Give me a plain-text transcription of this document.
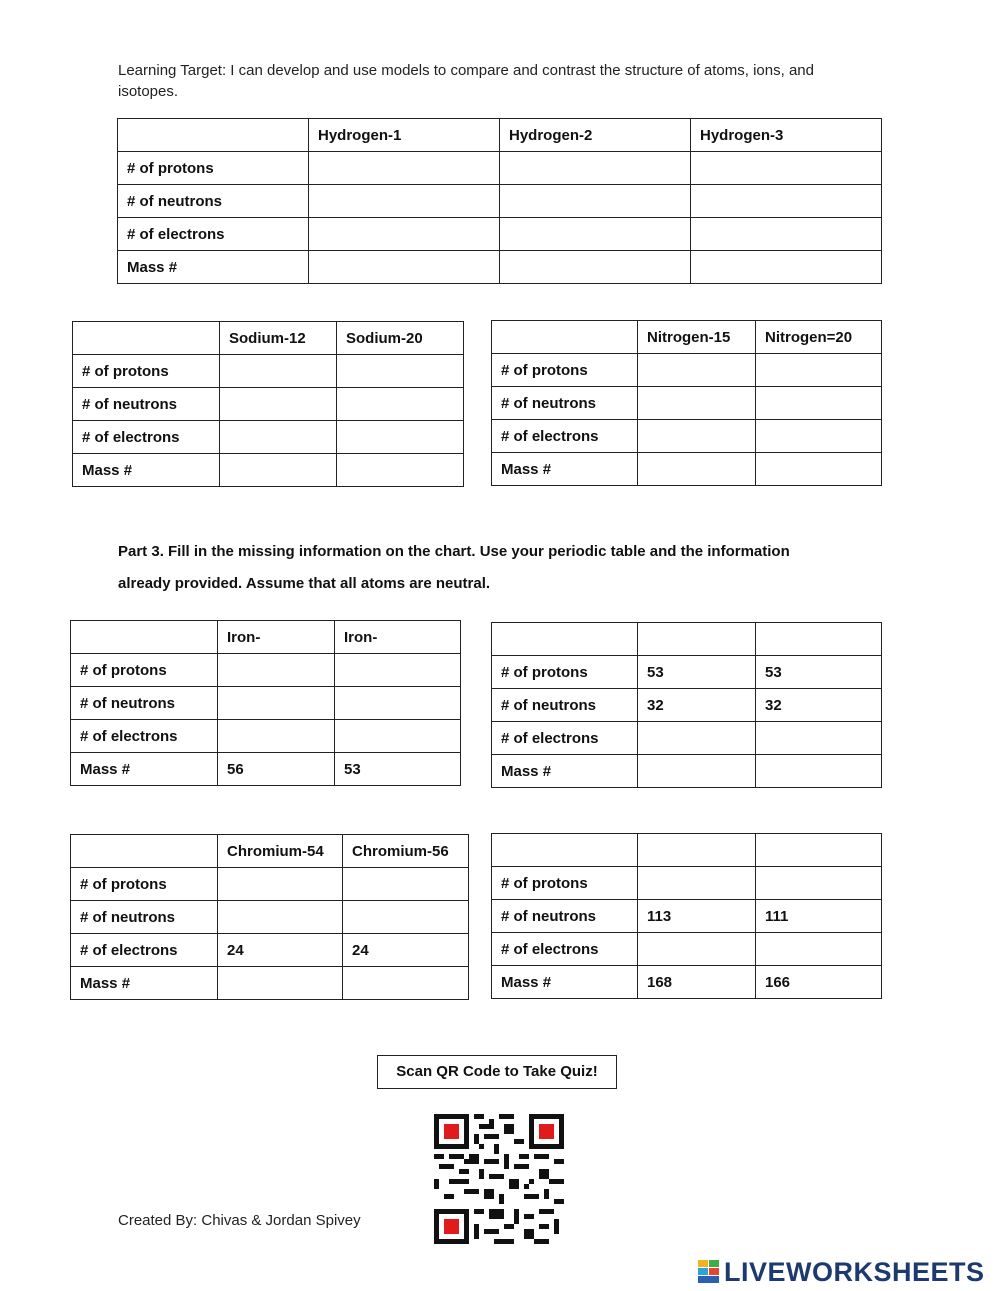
Learning Target: I can develop and use models to compare and contrast the structure of atoms, ions, and isotopes.
	Hydrogen-1	Hydrogen-2	Hydrogen-3
# of protons			
# of neutrons			
# of electrons			
Mass #			
	Sodium-12	Sodium-20
# of protons		
# of neutrons		
# of electrons		
Mass #		
	Nitrogen-15	Nitrogen=20
# of protons		
# of neutrons		
# of electrons		
Mass #		
Part 3. Fill in the missing information on the chart. Use your periodic table and the information
already provided. Assume that all atoms are neutral.
	Iron-	Iron-
# of protons		
# of neutrons		
# of electrons		
Mass #	56	53

# of protons	53	53
# of neutrons	32	32
# of electrons		
Mass #		
	Chromium-54	Chromium-56
# of protons		
# of neutrons		
# of electrons	24	24
Mass #		

# of protons		
# of neutrons	113	111
# of electrons		
Mass #	168	166
Scan QR Code to Take Quiz!
Created By: Chivas & Jordan Spivey
LIVEWORKSHEETS
